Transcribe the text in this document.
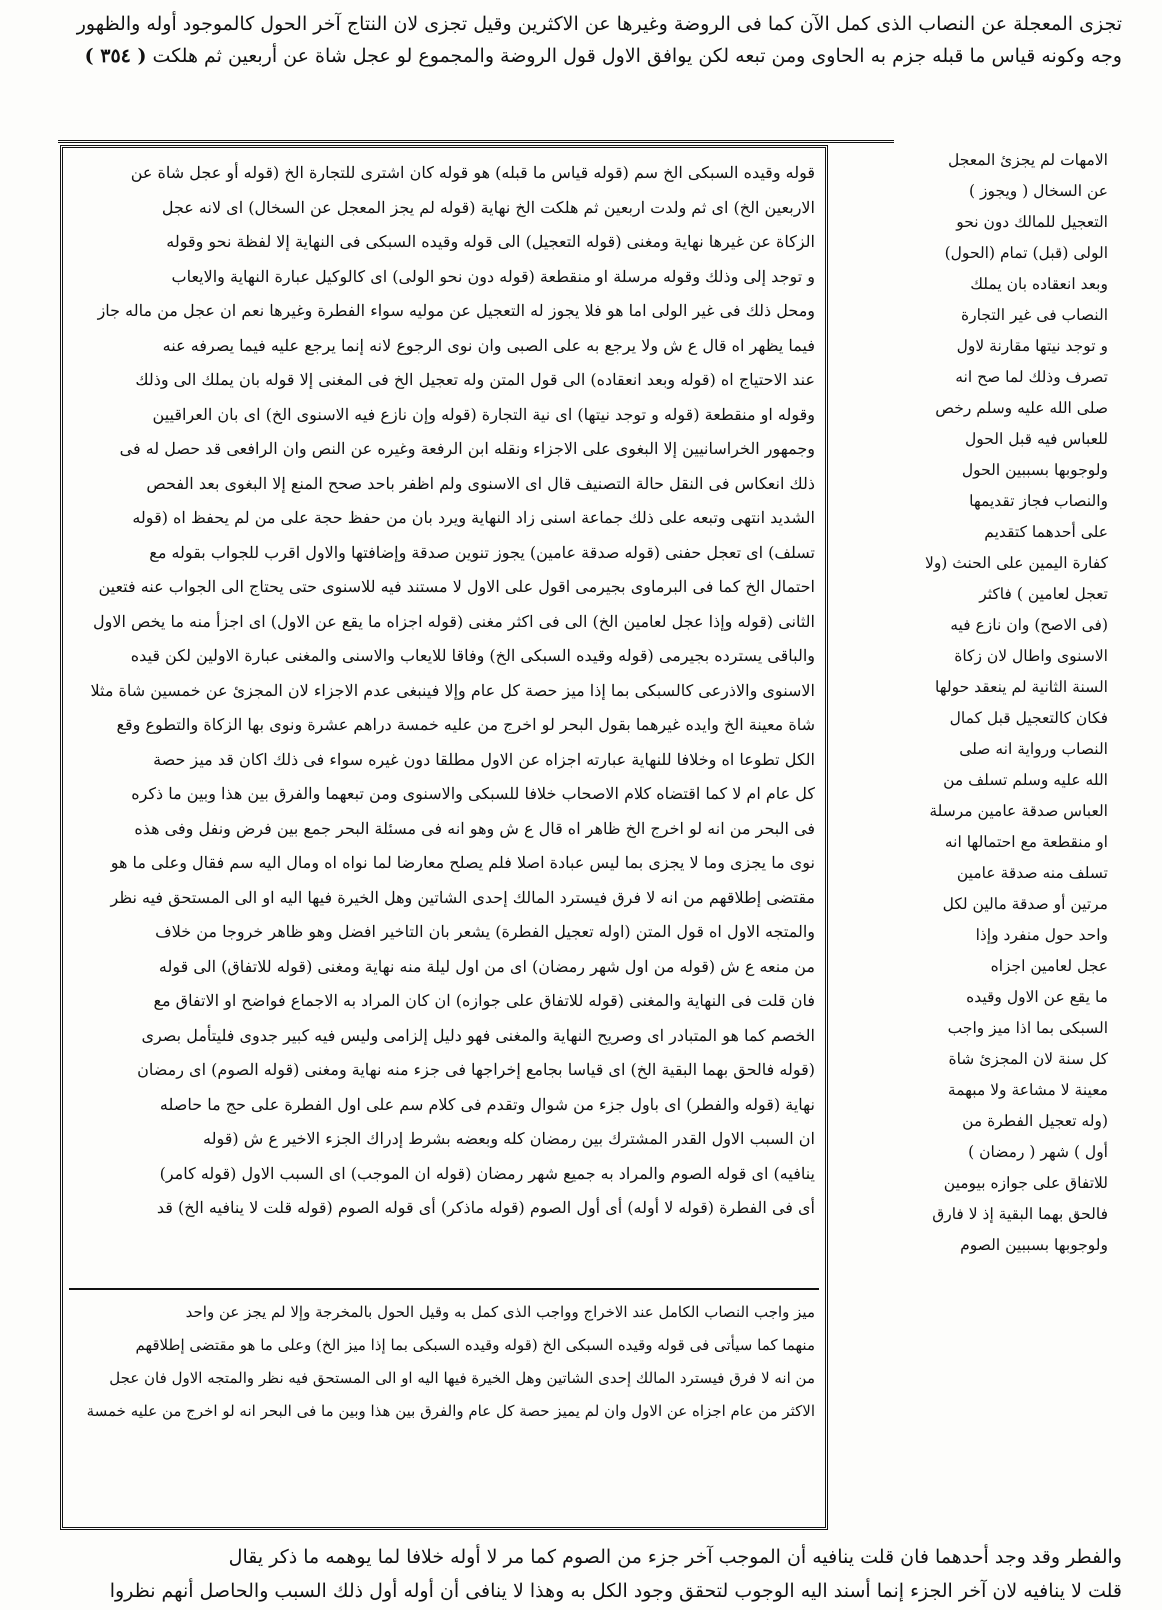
تجزى المعجلة عن النصاب الذى كمل الآن كما فى الروضة وغيرها عن الاكثرين وقيل تجزى لان النتاج آخر الحول كالموجود أوله والظهور

وجه وكونه قياس ما قبله جزم به الحاوى ومن تبعه لكن يوافق الاول قول الروضة والمجموع لو عجل شاة عن أربعين ثم هلكت ( ٣٥٤ )

قوله وقيده السبكى الخ سم (قوله قياس ما قبله) هو قوله كان اشترى للتجارة الخ (قوله أو عجل شاة عن

الاربعين الخ) اى ثم ولدت اربعين ثم هلكت الخ نهاية (قوله لم يجز المعجل عن السخال) اى لانه عجل

الزكاة عن غيرها نهاية ومغنى (قوله التعجيل) الى قوله وقيده السبكى فى النهاية إلا لفظة نحو وقوله

و توجد إلى وذلك وقوله مرسلة او منقطعة (قوله دون نحو الولى) اى كالوكيل عبارة النهاية والايعاب

ومحل ذلك فى غير الولى اما هو فلا يجوز له التعجيل عن موليه سواء الفطرة وغيرها نعم ان عجل من ماله جاز

فيما يظهر اه قال ع ش ولا يرجع به على الصبى وان نوى الرجوع لانه إنما يرجع عليه فيما يصرفه عنه

عند الاحتياج اه (قوله وبعد انعقاده) الى قول المتن وله تعجيل الخ فى المغنى إلا قوله بان يملك الى وذلك

وقوله او منقطعة (قوله و توجد نيتها) اى نية التجارة (قوله وإن نازع فيه الاسنوى الخ) اى بان العراقيين

وجمهور الخراسانيين إلا البغوى على الاجزاء ونقله ابن الرفعة وغيره عن النص وان الرافعى قد حصل له فى

ذلك انعكاس فى النقل حالة التصنيف قال اى الاسنوى ولم اظفر باحد صحح المنع إلا البغوى بعد الفحص

الشديد انتهى وتبعه على ذلك جماعة اسنى زاد النهاية ويرد بان من حفظ حجة على من لم يحفظ اه (قوله

تسلف) اى تعجل حفنى (قوله صدقة عامين) يجوز تنوين صدقة وإضافتها والاول اقرب للجواب بقوله مع

احتمال الخ كما فى البرماوى بجيرمى اقول على الاول لا مستند فيه للاسنوى حتى يحتاج الى الجواب عنه فتعين

الثانى (قوله وإذا عجل لعامين الخ) الى فى اكثر مغنى (قوله اجزاه ما يقع عن الاول) اى اجزأ منه ما يخص الاول

والباقى يسترده بجيرمى (قوله وقيده السبكى الخ) وفاقا للايعاب والاسنى والمغنى عبارة الاولين لكن قيده

الاسنوى والاذرعى كالسبكى بما إذا ميز حصة كل عام وإلا فينبغى عدم الاجزاء لان المجزئ عن خمسين شاة مثلا

شاة معينة الخ وايده غيرهما بقول البحر لو اخرج من عليه خمسة دراهم عشرة ونوى بها الزكاة والتطوع وقع

الكل تطوعا اه وخلافا للنهاية عبارته اجزاه عن الاول مطلقا دون غيره سواء فى ذلك اكان قد ميز حصة

كل عام ام لا كما اقتضاه كلام الاصحاب خلافا للسبكى والاسنوى ومن تبعهما والفرق بين هذا وبين ما ذكره

فى البحر من انه لو اخرج الخ ظاهر اه قال ع ش وهو انه فى مسئلة البحر جمع بين فرض ونفل وفى هذه

نوى ما يجزى وما لا يجزى بما ليس عبادة اصلا فلم يصلح معارضا لما نواه اه ومال اليه سم فقال وعلى ما هو

مقتضى إطلاقهم من انه لا فرق فيسترد المالك إحدى الشاتين وهل الخيرة فيها اليه او الى المستحق فيه نظر

والمتجه الاول اه قول المتن (اوله تعجيل الفطرة) يشعر بان التاخير افضل وهو ظاهر خروجا من خلاف

من منعه ع ش (قوله من اول شهر رمضان) اى من اول ليلة منه نهاية ومغنى (قوله للاتفاق) الى قوله

فان قلت فى النهاية والمغنى (قوله للاتفاق على جوازه) ان كان المراد به الاجماع فواضح او الاتفاق مع

الخصم كما هو المتبادر اى وصريح النهاية والمغنى فهو دليل إلزامى وليس فيه كبير جدوى فليتأمل بصرى

(قوله فالحق بهما البقية الخ) اى قياسا بجامع إخراجها فى جزء منه نهاية ومغنى (قوله الصوم) اى رمضان

نهاية (قوله والفطر) اى باول جزء من شوال وتقدم فى كلام سم على اول الفطرة على حج ما حاصله

ان السبب الاول القدر المشترك بين رمضان كله وبعضه بشرط إدراك الجزء الاخير ع ش (قوله

ينافيه) اى قوله الصوم والمراد به جميع شهر رمضان (قوله ان الموجب) اى السبب الاول (قوله كامر)

أى فى الفطرة (قوله لا أوله) أى أول الصوم (قوله ماذكر) أى قوله الصوم (قوله قلت لا ينافيه الخ) قد

ميز واجب النصاب الكامل عند الاخراج وواجب الذى كمل به وقيل الحول بالمخرجة وإلا لم يجز عن واحد

منهما كما سيأتى فى قوله وقيده السبكى الخ (قوله وقيده السبكى بما إذا ميز الخ) وعلى ما هو مقتضى إطلاقهم

من انه لا فرق فيسترد المالك إحدى الشاتين وهل الخيرة فيها اليه او الى المستحق فيه نظر والمتجه الاول فان عجل

الاكثر من عام اجزاه عن الاول وان لم يميز حصة كل عام والفرق بين هذا وبين ما فى البحر انه لو اخرج من عليه خمسة

الامهات لم يجزئ المعجل

عن السخال ( ويجوز )

التعجيل للمالك دون نحو

الولى (قبل) تمام (الحول)

وبعد انعقاده بان يملك

النصاب فى غير التجارة

و توجد نيتها مقارنة لاول

تصرف وذلك لما صح انه

صلى الله عليه وسلم رخص

للعباس فيه قبل الحول

ولوجوبها بسببين الحول

والنصاب فجاز تقديمها

على أحدهما كتقديم

كفارة اليمين على الحنث (ولا

تعجل لعامين ) فاكثر

(فى الاصح) وان نازع فيه

الاسنوى واطال لان زكاة

السنة الثانية لم ينعقد حولها

فكان كالتعجيل قبل كمال

النصاب ورواية انه صلى

الله عليه وسلم تسلف من

العباس صدقة عامين مرسلة

او منقطعة مع احتمالها انه

تسلف منه صدقة عامين

مرتين أو صدقة مالين لكل

واحد حول منفرد وإذا

عجل لعامين اجزاه

ما يقع عن الاول وقيده

السبكى بما اذا ميز واجب

كل سنة لان المجزئ شاة

معينة لا مشاعة ولا مبهمة

(وله تعجيل الفطرة من

أول ) شهر ( رمضان )

للاتفاق على جوازه بيومين

فالحق بهما البقية إذ لا فارق

ولوجوبها بسببين الصوم

والفطر وقد وجد أحدهما فان قلت ينافيه أن الموجب آخر جزء من الصوم كما مر لا أوله خلافا لما يوهمه ما ذكر يقال

قلت لا ينافيه لان آخر الجزء إنما أسند اليه الوجوب لتحقق وجود الكل به وهذا لا ينافى أن أوله أول ذلك السبب والحاصل أنهم نظروا
